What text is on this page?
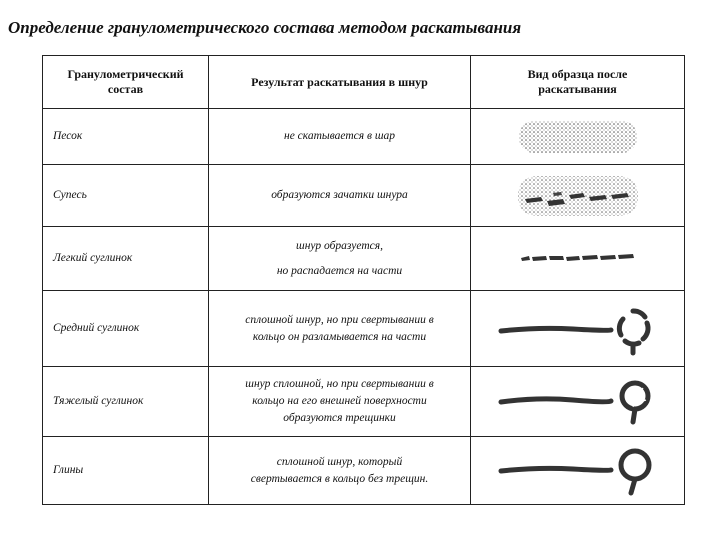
Определение гранулометрического состава методом раскатывания
Гранулометрический
состав	Результат раскатывания в шнур	Вид образца после
раскатывания

Песок	не скатывается в шар

Супесь	образуются зачатки шнура

Легкий суглинок	шнур образуется,
но распадается на части

Средний суглинок	сплошной шнур, но при свертывании в
кольцо он разламывается на части

Тяжелый суглинок	шнур сплошной, но при свертывании в
кольцо на его внешней поверхности
образуются трещинки

Глины	сплошной шнур, который
свертывается в кольцо без трещин.
